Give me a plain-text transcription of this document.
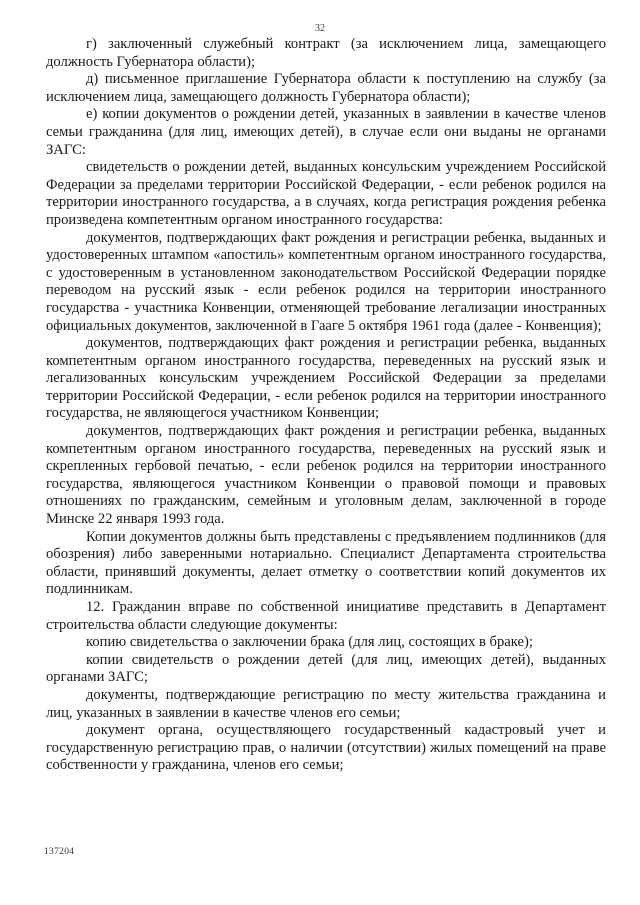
32

г) заключенный служебный контракт (за исключением лица, замещающего должность Губернатора области);

д) письменное приглашение Губернатора области к поступлению на службу (за исключением лица, замещающего должность Губернатора области);

е) копии документов о рождении детей, указанных в заявлении в качестве членов семьи гражданина (для лиц, имеющих детей), в случае если они выданы не органами ЗАГС:

свидетельств о рождении детей, выданных консульским учреждением Российской Федерации за пределами территории Российской Федерации, - если ребенок родился на территории иностранного государства, а в случаях, когда регистрация рождения ребенка произведена компетентным органом иностранного государства:

документов, подтверждающих факт рождения и регистрации ребенка, выданных и удостоверенных штампом «апостиль» компетентным органом иностранного государства, с удостоверенным в установленном законодательством Российской Федерации порядке переводом на русский язык - если ребенок родился на территории иностранного государства - участника Конвенции, отменяющей требование легализации иностранных официальных документов, заключенной в Гааге 5 октября 1961 года (далее - Конвенция);

документов, подтверждающих факт рождения и регистрации ребенка, выданных компетентным органом иностранного государства, переведенных на русский язык и легализованных консульским учреждением Российской Федерации за пределами территории Российской Федерации, - если ребенок родился на территории иностранного государства, не являющегося участником Конвенции;

документов, подтверждающих факт рождения и регистрации ребенка, выданных компетентным органом иностранного государства, переведенных на русский язык и скрепленных гербовой печатью, - если ребенок родился на территории иностранного государства, являющегося участником Конвенции о правовой помощи и правовых отношениях по гражданским, семейным и уголовным делам, заключенной в городе Минске 22 января 1993 года.

Копии документов должны быть представлены с предъявлением подлинников (для обозрения) либо заверенными нотариально. Специалист Департамента строительства области, принявший документы, делает отметку о соответствии копий документов их подлинникам.

12. Гражданин вправе по собственной инициативе представить в Департамент строительства области следующие документы:

копию свидетельства о заключении брака (для лиц, состоящих в браке);

копии свидетельств о рождении детей (для лиц, имеющих детей), выданных органами ЗАГС;

документы, подтверждающие регистрацию по месту жительства гражданина и лиц, указанных в заявлении в качестве членов его семьи;

документ органа, осуществляющего государственный кадастровый учет и государственную регистрацию прав, о наличии (отсутствии) жилых помещений на праве собственности у гражданина, членов его семьи;

137204
